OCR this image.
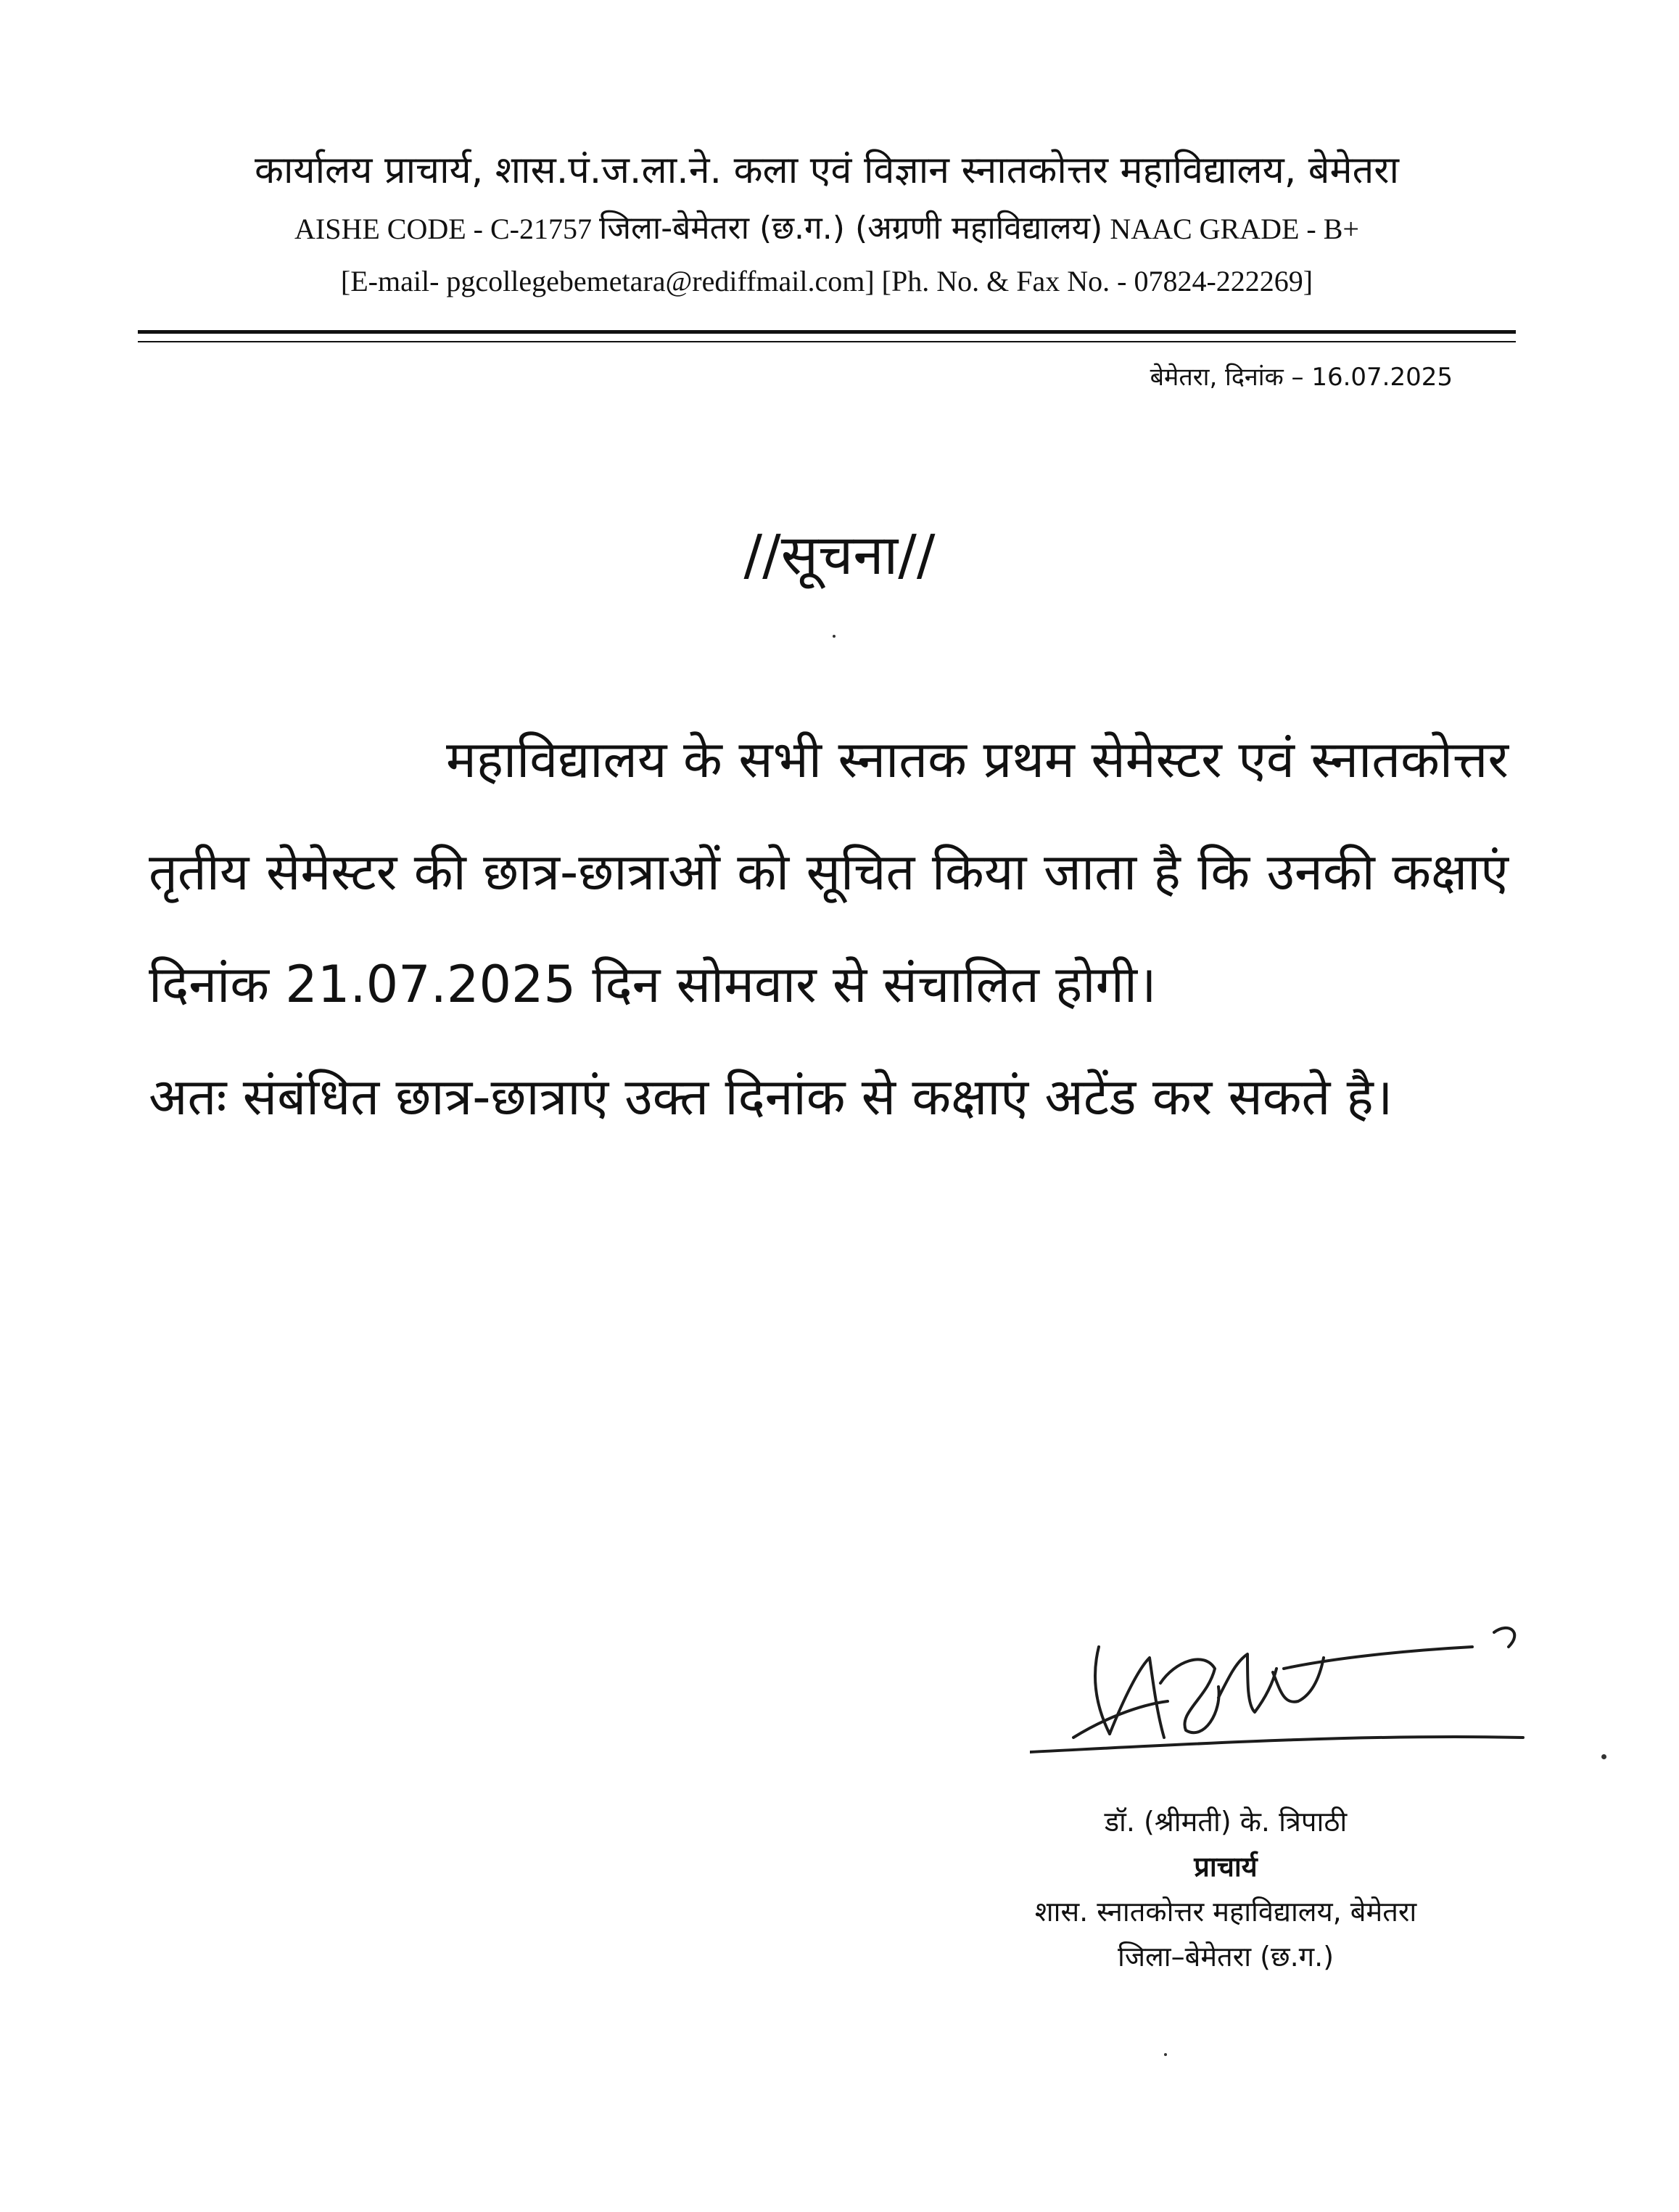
कार्यालय प्राचार्य, शास.पं.ज.ला.ने. कला एवं विज्ञान स्नातकोत्तर महाविद्यालय, बेमेतरा
AISHE CODE - C-21757 जिला-बेमेतरा (छ.ग.) (अग्रणी महाविद्यालय) NAAC GRADE - B+
[E-mail- pgcollegebemetara@rediffmail.com] [Ph. No. & Fax No. - 07824-222269]
बेमेतरा, दिनांक – 16.07.2025
//सूचना//

महाविद्यालय के सभी स्नातक प्रथम सेमेस्टर एवं स्नातकोत्तर तृतीय सेमेस्टर की छात्र-छात्राओं को सूचित किया जाता है कि उनकी कक्षाएं दिनांक 21.07.2025 दिन सोमवार से संचालित होगी।

अतः संबंधित छात्र-छात्राएं उक्त दिनांक से कक्षाएं अटेंड कर सकते है।

डॉ. (श्रीमती) के. त्रिपाठी
प्राचार्य
शास. स्नातकोत्तर महाविद्यालय, बेमेतरा
जिला–बेमेतरा (छ.ग.)
